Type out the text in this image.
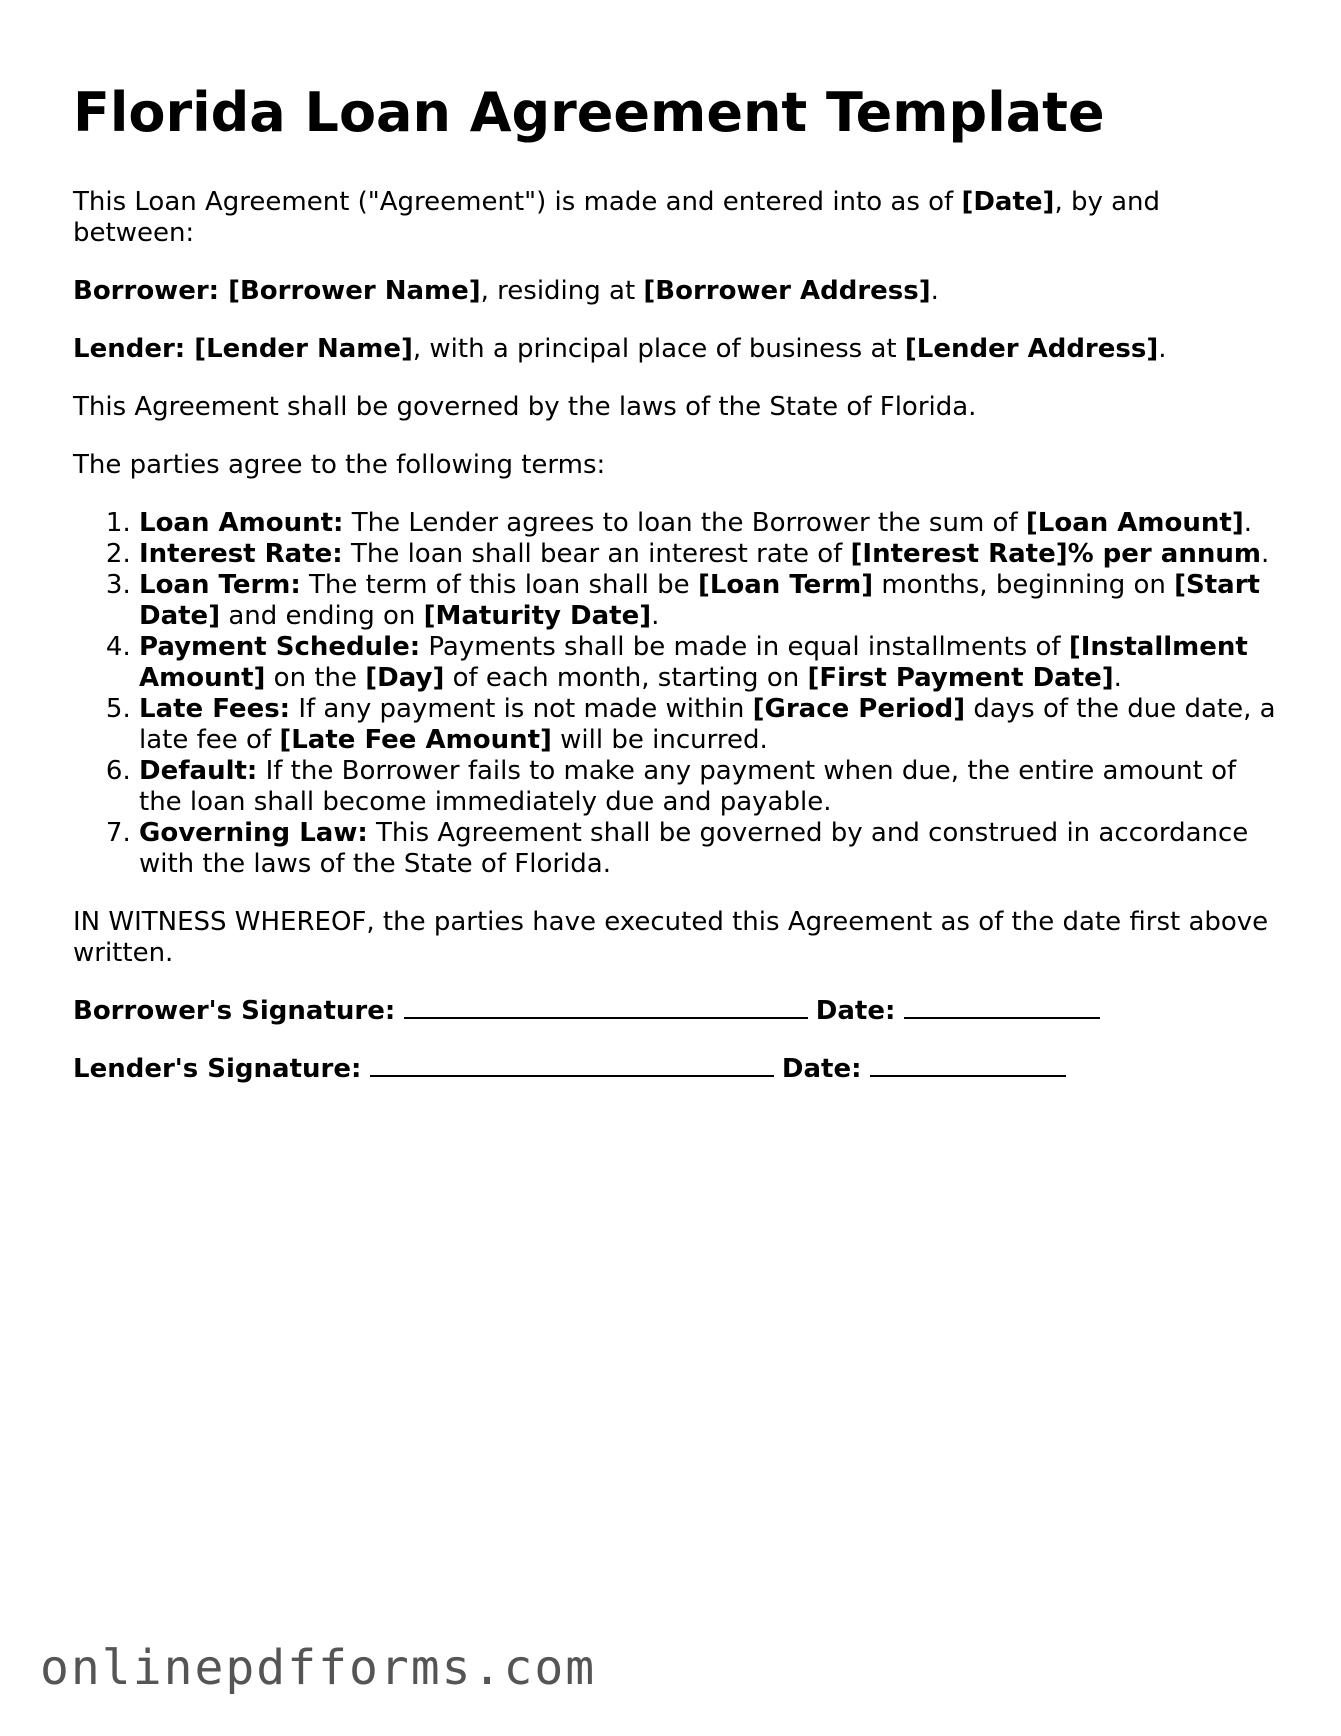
Florida Loan Agreement Template

This Loan Agreement ("Agreement") is made and entered into as of [Date], by and between:

Borrower: [Borrower Name], residing at [Borrower Address].

Lender: [Lender Name], with a principal place of business at [Lender Address].

This Agreement shall be governed by the laws of the State of Florida.

The parties agree to the following terms:

1. Loan Amount: The Lender agrees to loan the Borrower the sum of [Loan Amount].
2. Interest Rate: The loan shall bear an interest rate of [Interest Rate]% per annum.
3. Loan Term: The term of this loan shall be [Loan Term] months, beginning on [Start Date] and ending on [Maturity Date].
4. Payment Schedule: Payments shall be made in equal installments of [Installment Amount] on the [Day] of each month, starting on [First Payment Date].
5. Late Fees: If any payment is not made within [Grace Period] days of the due date, a late fee of [Late Fee Amount] will be incurred.
6. Default: If the Borrower fails to make any payment when due, the entire amount of the loan shall become immediately due and payable.
7. Governing Law: This Agreement shall be governed by and construed in accordance with the laws of the State of Florida.

IN WITNESS WHEREOF, the parties have executed this Agreement as of the date first above written.

Borrower's Signature:	Date:

Lender's Signature:	Date:

onlinepdfforms.com
